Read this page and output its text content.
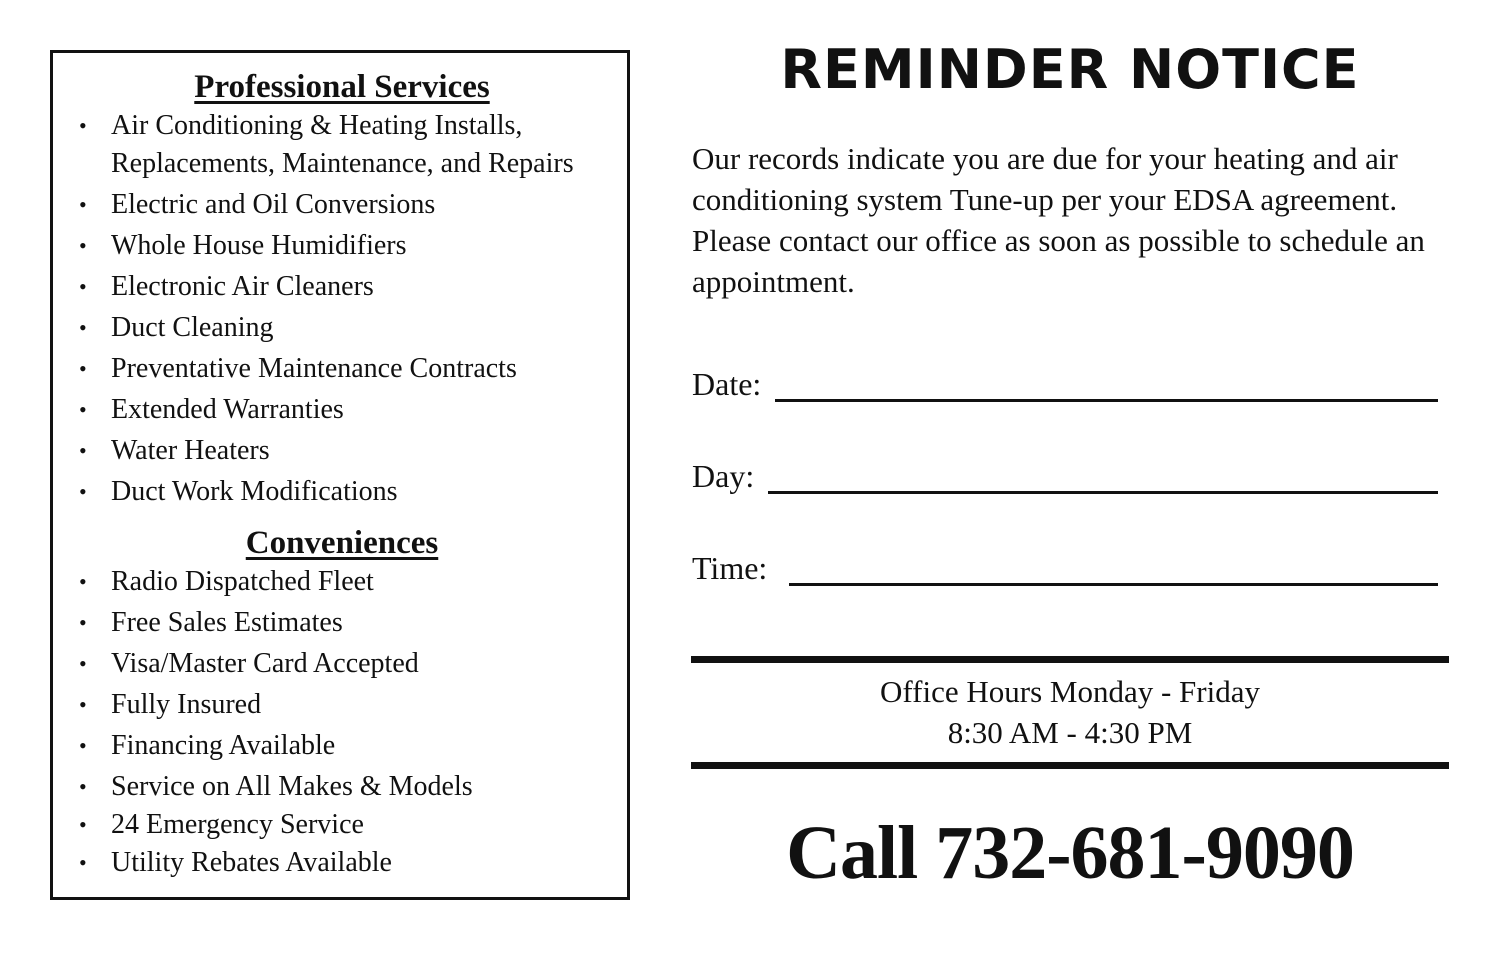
Professional Services
• Air Conditioning & Heating Installs,
Replacements, Maintenance, and Repairs
• Electric and Oil Conversions
• Whole House Humidifiers
• Electronic Air Cleaners
• Duct Cleaning
• Preventative Maintenance Contracts
• Extended Warranties
• Water Heaters
• Duct Work Modifications
Conveniences
• Radio Dispatched Fleet
• Free Sales Estimates
• Visa/Master Card Accepted
• Fully Insured
• Financing Available
• Service on All Makes & Models
• 24 Emergency Service
• Utility Rebates Available
REMINDER NOTICE

Our records indicate you are due for your heating and air conditioning system Tune-up per your EDSA agreement. Please contact our office as soon as possible to schedule an appointment.

Date:
Day:
Time:
Office Hours Monday - Friday
8:30 AM - 4:30 PM
Call 732-681-9090
